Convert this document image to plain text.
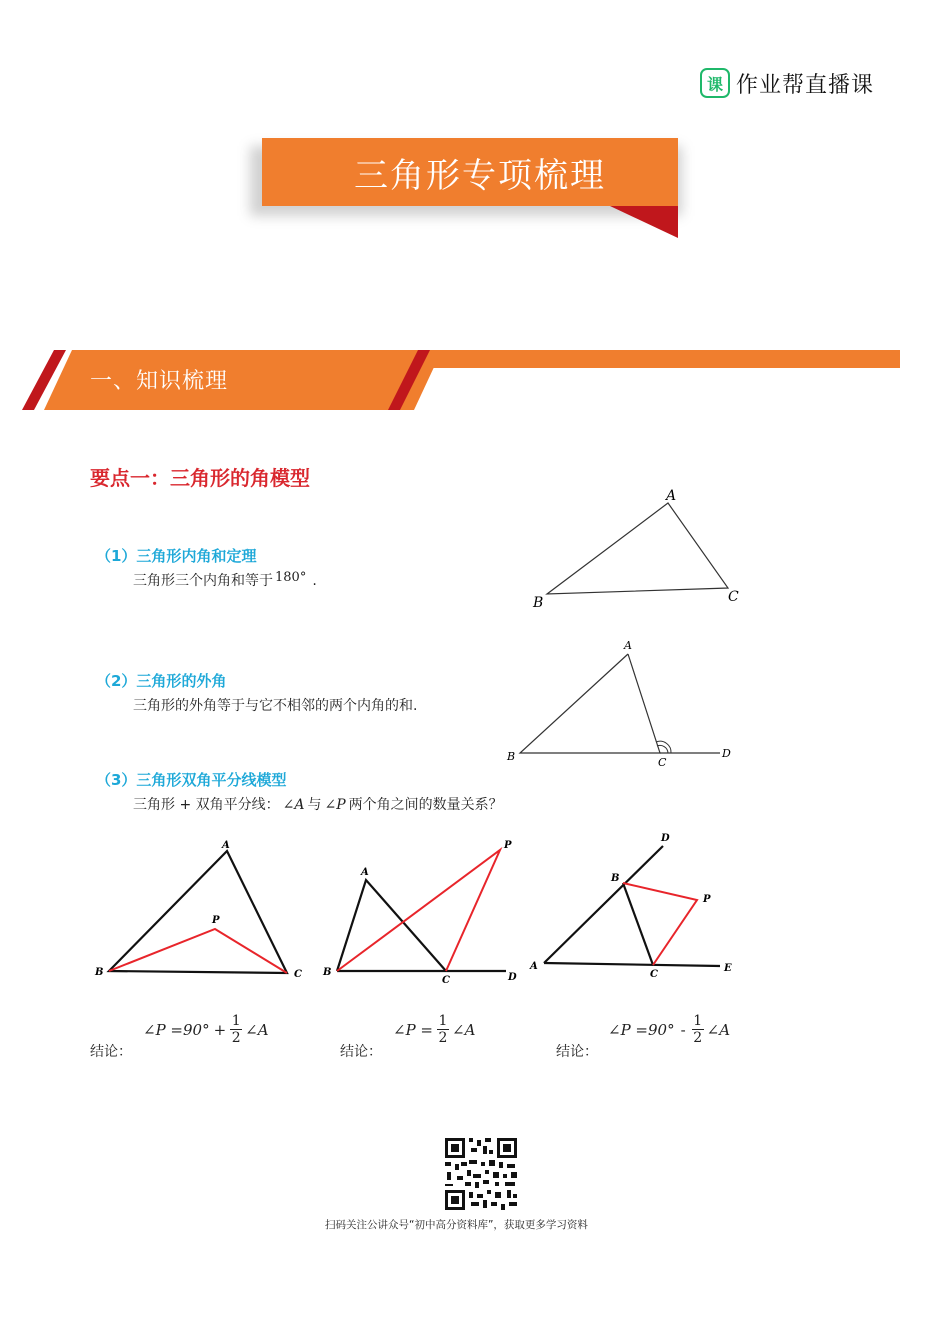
课 作业帮直播课
三角形专项梳理
一、知识梳理
要点一：三角形的角模型
（1）三角形内角和定理
三角形三个内角和等于 180° .
（2）三角形的外角
三角形的外角等于与它不相邻的两个内角的和.
（3）三角形双角平分线模型
三角形 + 双角平分线： ∠A 与 ∠P 两个角之间的数量关系？
A
B	C
A
B	C
D
A
P
B	C
A
P
B
C	D
D
B
P
A
C
E
结论：
∠P $=90^\circ + \frac{1}{2}$ ∠A
结论：
∠P = 1
2 ∠A
结论：
∠P =90° - 1
2 ∠A
扫码关注公讲众号“初中高分资料库”，获取更多学习资料
